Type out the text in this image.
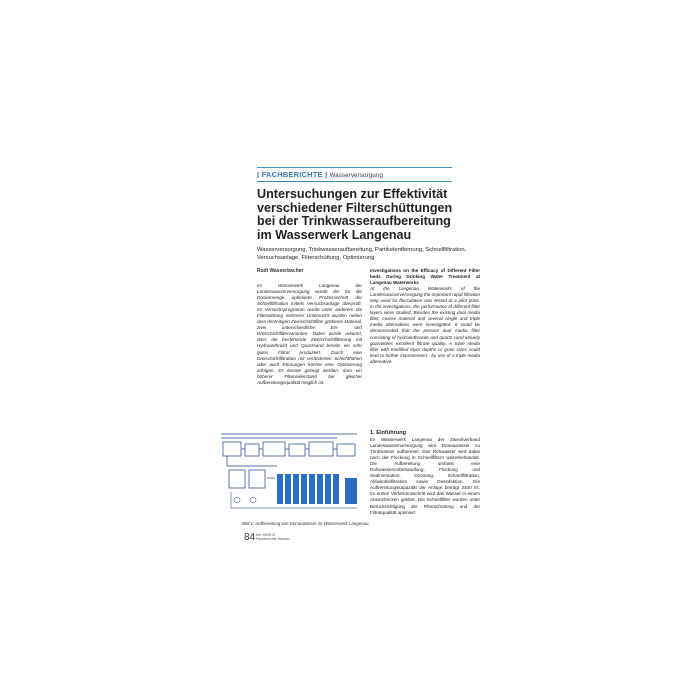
| FACHBERICHTE | Wasserversorgung
Untersuchungen zur Effektivität verschiedener Filterschüttungen bei der Trinkwasseraufbereitung im Wasserwerk Langenau
Wasserversorgung, Trinkwasseraufbereitung, Partikelentfernung, Schnellfiltration, Versuchsanlage, Filterschüttung, Optimierung
Rudi Wasserbacher
Im Wasserwerk Langenau der Landeswasserversorgung wurde der für die Dosiermenge optimierte Prozessschritt der Schnellfiltration mittels Versuchsanlage überprüft. Im Versuchsprogramm wurde unter anderem die Filterwirkung mehrerer Untersucht wurden neben dem derzeitigen Zweischichtfilter gröberes Material, zwei unterschiedliche Ein- und Dreischichtfiltervarianten. Dabei wurde erkannt, dass die bestehende Zweischichtfilterung mit Hydroanthrazit und Quarzsand bereits ein sehr gutes Filtrat produziert. Durch eine Dreischichtfiltration mit veränderten Schichthöhen oder auch Körnungen könnte eine Optimierung erfolgen. Es konnte gezeigt werden, dass ein höherer Filterwiderstand bei gleicher Aufbereitungsqualität möglich ist.
Investigations on the Efficacy of Different Filter beds During Drinking Water Treatment at Langenau Waterworks
At the Langenau Waterworks of the Landeswasserversorgung the important rapid filtration step used for flocculation was tested at a pilot plant. In the investigations, the performance of different filter layers were studied. Besides the existing dual media filter, coarse material and several single and triple media alternatives were investigated. It could be demonstrated that the present dual media filter consisting of hydroanthracite and quartz sand already guarantees excellent filtrate quality. A triple media filter with modified layer depths or grain sizes could lead to further improvement - by use of a triple media alternative.
Bild 1: Aufbereitung von Donauwasser im Wasserwerk Langenau.
1. Einführung
Im Wasserwerk Langenau der Zweckverband Landeswasserversorgung wird Donauwasser zu Trinkwasser aufbereitet. Das Rohwasser wird dabei nach der Flockung in Schnellfiltern weiterbehandelt. Die Aufbereitung umfasst eine Rohwasservorbehandlung, Flockung und Sedimentation, Ozonung, Schnellfiltration, Aktivkohlefiltration sowie Desinfektion. Die Aufbereitungskapazität der Anlage beträgt 2400 l/s. Im ersten Verfahrensschritt wird das Wasser in einem Absetzbecken geklärt. Die Schnellfilter wurden unter Berücksichtigung der Filterschüttung und der Filtratqualität optimiert.
84 bbr 09/2013
Fachberichte Wasser
